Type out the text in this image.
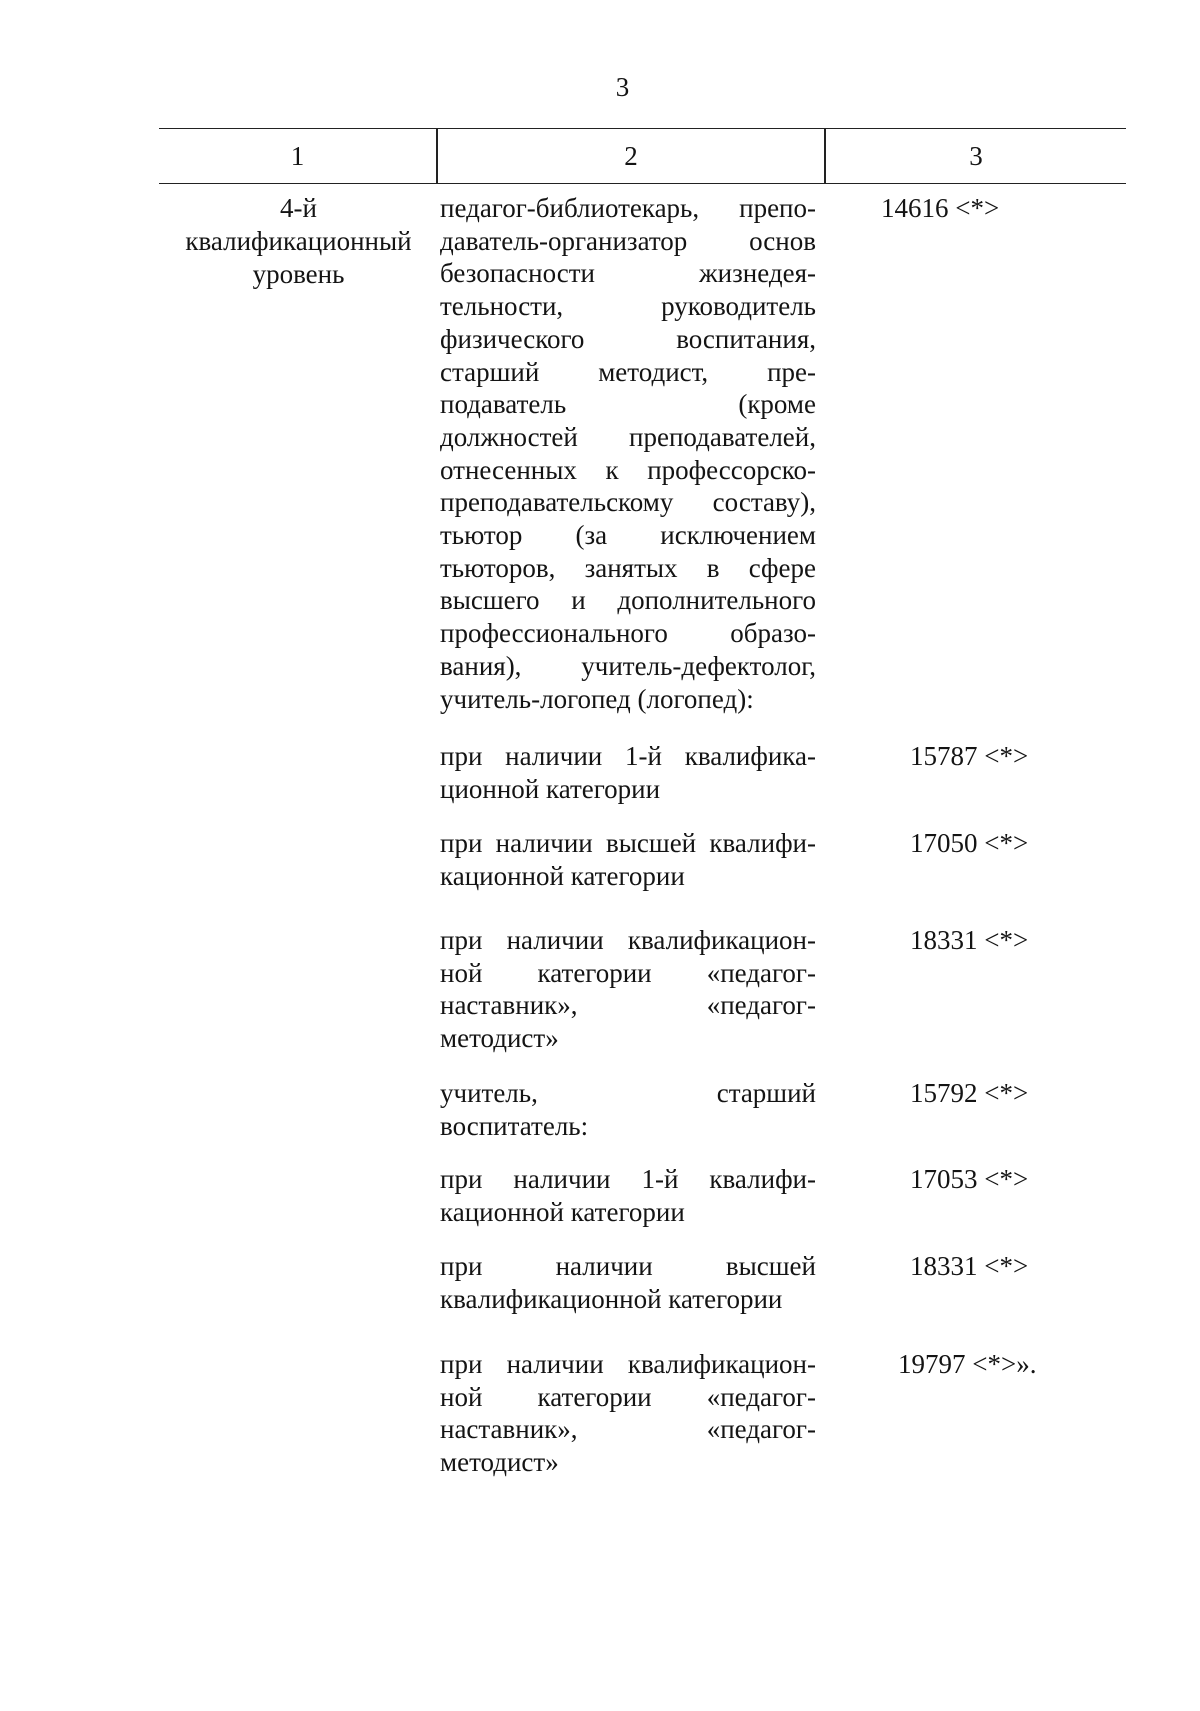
3
1	2	3
4-й
квалификационный
уровень
педагог-библиотекарь, препо-
даватель-организатор основ
безопасности жизнедея-
тельности, руководитель
физического воспитания,
старший методист, пре-
подаватель (кроме
должностей преподавателей,
отнесенных к профессорско-
преподавательскому составу),
тьютор (за исключением
тьюторов, занятых в сфере
высшего и дополнительного
профессионального образо-
вания), учитель-дефектолог,
учитель-логопед (логопед):
14616 <*>
при наличии 1-й квалифика-
ционной категории
15787 <*>
при наличии высшей квалифи-
кационной категории
17050 <*>
при наличии квалификацион-
ной категории «педагог-
наставник», «педагог-
методист»
18331 <*>
учитель, старший
воспитатель:
15792 <*>
при наличии 1-й квалифи-
кационной категории
17053 <*>
при наличии высшей
квалификационной категории
18331 <*>
при наличии квалификацион-
ной категории «педагог-
наставник», «педагог-
методист»
19797 <*>».
